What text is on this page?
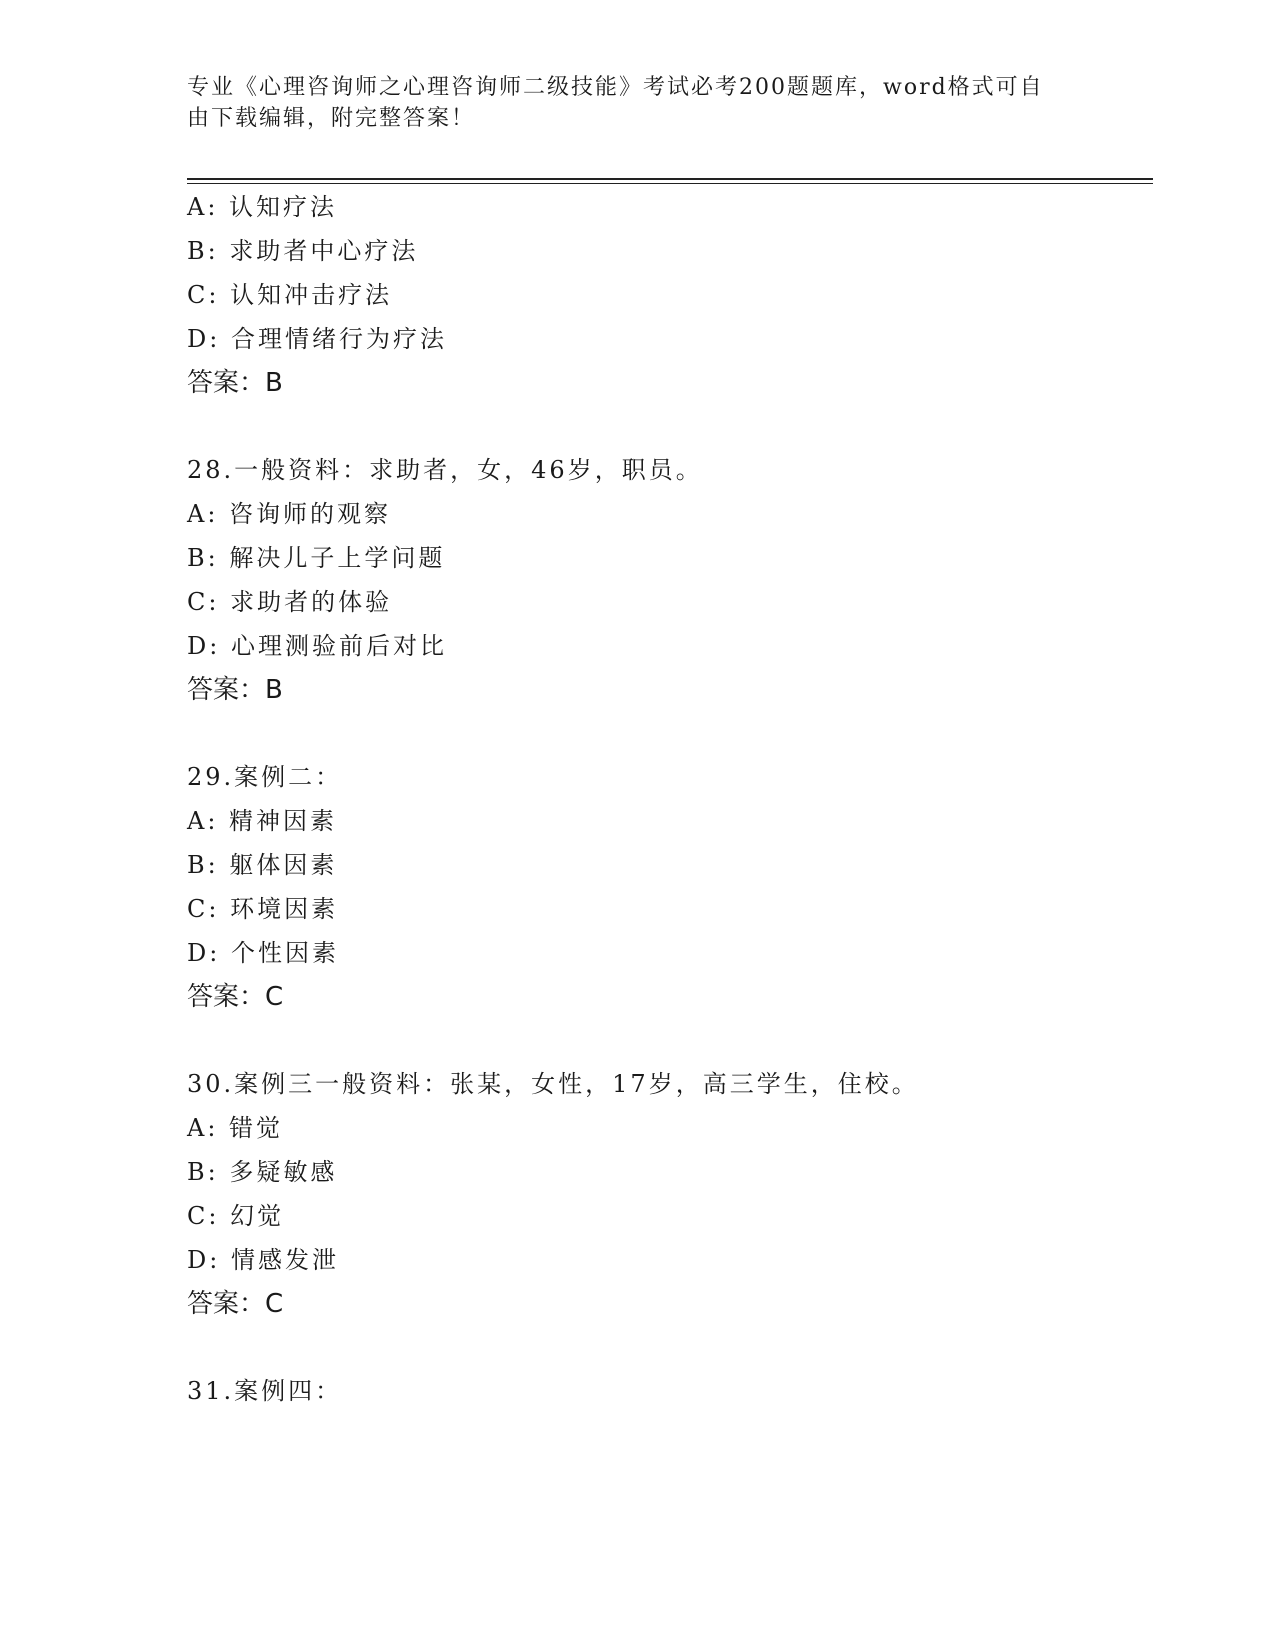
专业《心理咨询师之心理咨询师二级技能》考试必考200题题库，word格式可自
由下载编辑，附完整答案！
A: 认知疗法
B: 求助者中心疗法
C: 认知冲击疗法
D: 合理情绪行为疗法
答案：B
28.一般资料：求助者，女，46岁，职员。
A: 咨询师的观察
B: 解决儿子上学问题
C: 求助者的体验
D: 心理测验前后对比
答案：B
29.案例二：
A: 精神因素
B: 躯体因素
C: 环境因素
D: 个性因素
答案：C
30.案例三一般资料：张某，女性，17岁，高三学生，住校。
A: 错觉
B: 多疑敏感
C: 幻觉
D: 情感发泄
答案：C
31.案例四：
